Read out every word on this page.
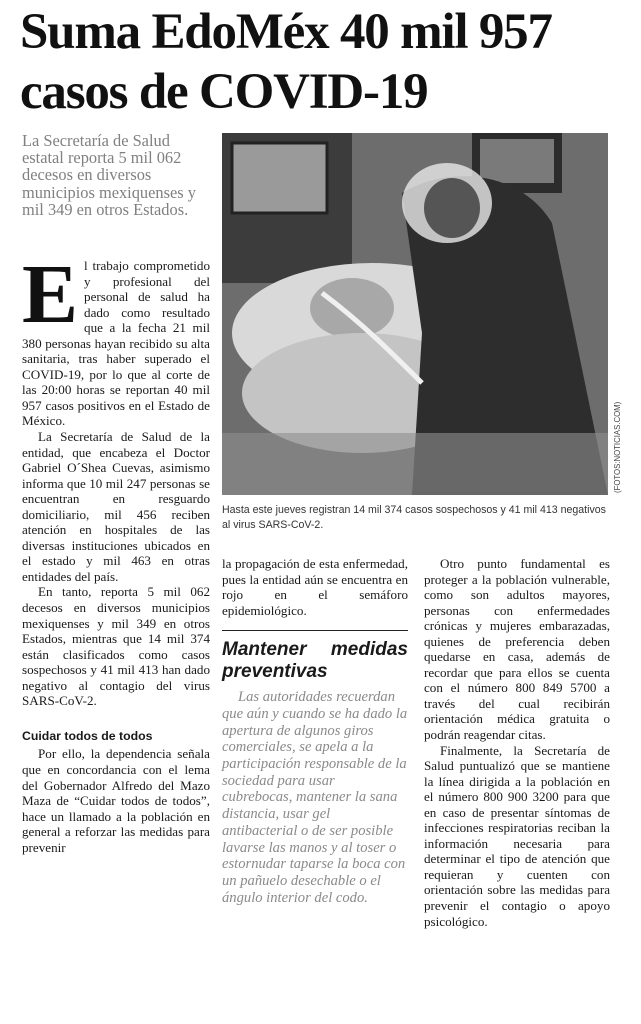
Suma EdoMéx 40 mil 957 casos de COVID-19

La Secretaría de Salud estatal reporta 5 mil 062 decesos en diversos municipios mexiquenses y mil 349 en otros Estados.

(FOTOS:NOTICIAS.COM)

Hasta este jueves registran 14 mil 374 casos sospechosos y 41 mil 413 negativos al virus SARS-CoV-2.

El trabajo comprometido y profesional del personal de salud ha dado como resultado que a la fecha 21 mil 380 personas hayan recibido su alta sanitaria, tras haber superado el COVID-19, por lo que al corte de las 20:00 horas se reportan 40 mil 957 casos positivos en el Estado de México.

La Secretaría de Salud de la entidad, que encabeza el Doctor Gabriel O´Shea Cuevas, asimismo informa que 10 mil 247 personas se encuentran en resguardo domiciliario, mil 456 reciben atención en hospitales de las diversas instituciones ubicados en el estado y mil 463 en otras entidades del país.

En tanto, reporta 5 mil 062 decesos en diversos municipios mexiquenses y mil 349 en otros Estados, mientras que 14 mil 374 están clasificados como casos sospechosos y 41 mil 413 han dado negativo al contagio del virus SARS-CoV-2.

Cuidar todos de todos

Por ello, la dependencia señala que en concordancia con el lema del Gobernador Alfredo del Mazo Maza de “Cuidar todos de todos”, hace un llamado a la población en general a reforzar las medidas para prevenir

la propagación de esta enfermedad, pues la entidad aún se encuentra en rojo en el semáforo epidemiológico.

Mantener medidas preventivas

Las autoridades recuerdan que aún y cuando se ha dado la apertura de algunos giros comerciales, se apela a la participación responsable de la sociedad para usar cubrebocas, mantener la sana distancia, usar gel antibacterial o de ser posible lavarse las manos y al toser o estornudar taparse la boca con un pañuelo desechable o el ángulo interior del codo.

Otro punto fundamental es proteger a la población vulnerable, como son adultos mayores, personas con enfermedades crónicas y mujeres embarazadas, quienes de preferencia deben quedarse en casa, además de recordar que para ellos se cuenta con el número 800 849 5700 a través del cual recibirán orientación médica gratuita o podrán reagendar citas.

Finalmente, la Secretaría de Salud puntualizó que se mantiene la línea dirigida a la población en el número 800 900 3200 para que en caso de presentar síntomas de infecciones respiratorias reciban la información necesaria para determinar el tipo de atención que requieran y cuenten con orientación sobre las medidas para prevenir el contagio o apoyo psicológico.
